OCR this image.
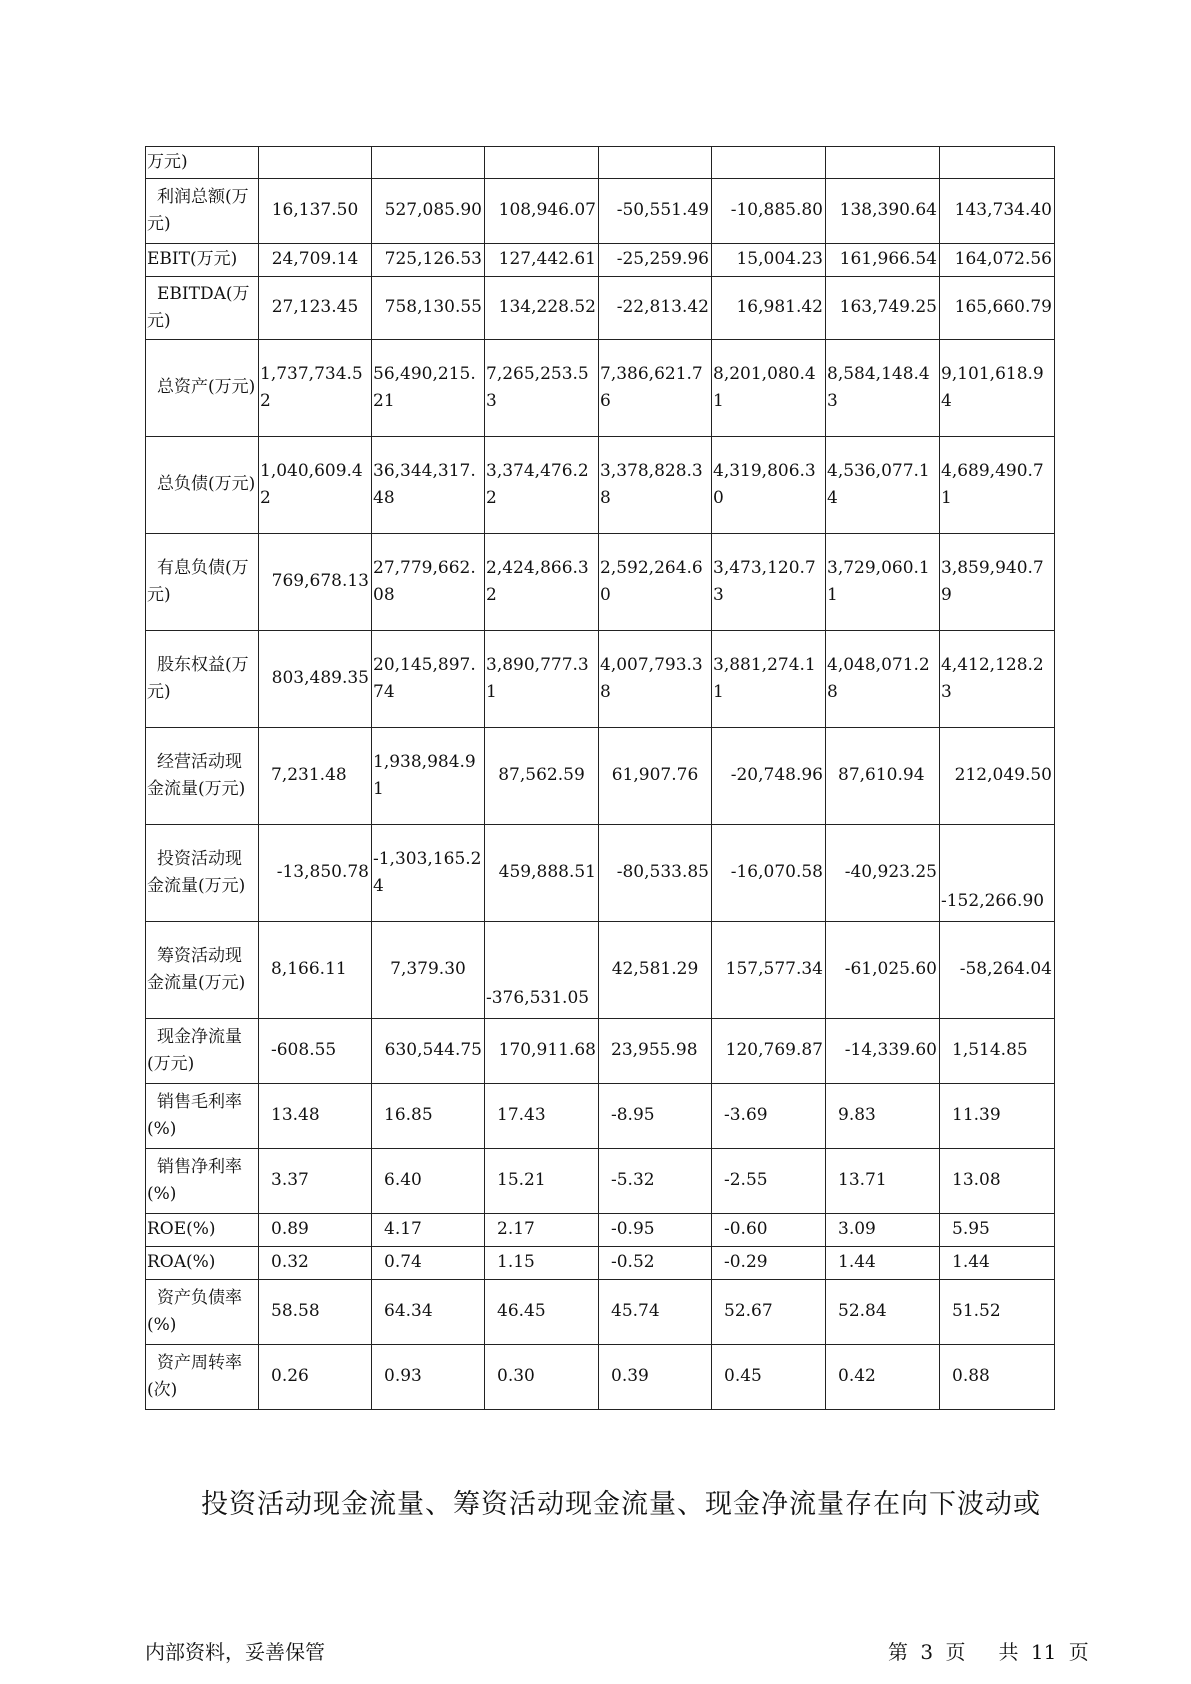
万元)							
利润总额(万元)	16,137.50	527,085.90	108,946.07	-50,551.49	-10,885.80	138,390.64	143,734.40
EBIT(万元)	24,709.14	725,126.53	127,442.61	-25,259.96	15,004.23	161,966.54	164,072.56
EBITDA(万元)	27,123.45	758,130.55	134,228.52	-22,813.42	16,981.42	163,749.25	165,660.79
总资产(万元)	1,737,734.52	56,490,215.21	7,265,253.53	7,386,621.76	8,201,080.41	8,584,148.43	9,101,618.94
总负债(万元)	1,040,609.42	36,344,317.48	3,374,476.22	3,378,828.38	4,319,806.30	4,536,077.14	4,689,490.71
有息负债(万元)	769,678.13	27,779,662.08	2,424,866.32	2,592,264.60	3,473,120.73	3,729,060.11	3,859,940.79
股东权益(万元)	803,489.35	20,145,897.74	3,890,777.31	4,007,793.38	3,881,274.11	4,048,071.28	4,412,128.23
经营活动现金流量(万元)	7,231.48	1,938,984.91	87,562.59	61,907.76	-20,748.96	87,610.94	212,049.50
投资活动现金流量(万元)	-13,850.78	-1,303,165.24	459,888.51	-80,533.85	-16,070.58	-40,923.25	-152,266.90
筹资活动现金流量(万元)	8,166.11	7,379.30	-376,531.05	42,581.29	157,577.34	-61,025.60	-58,264.04
现金净流量(万元)	-608.55	630,544.75	170,911.68	23,955.98	120,769.87	-14,339.60	1,514.85
销售毛利率(%)	13.48	16.85	17.43	-8.95	-3.69	9.83	11.39
销售净利率(%)	3.37	6.40	15.21	-5.32	-2.55	13.71	13.08
ROE(%)	0.89	4.17	2.17	-0.95	-0.60	3.09	5.95
ROA(%)	0.32	0.74	1.15	-0.52	-0.29	1.44	1.44
资产负债率(%)	58.58	64.34	46.45	45.74	52.67	52.84	51.52
资产周转率(次)	0.26	0.93	0.30	0.39	0.45	0.42	0.88
投资活动现金流量、筹资活动现金流量、现金净流量存在向下波动或
内部资料，妥善保管	第 3 页 共 11 页
